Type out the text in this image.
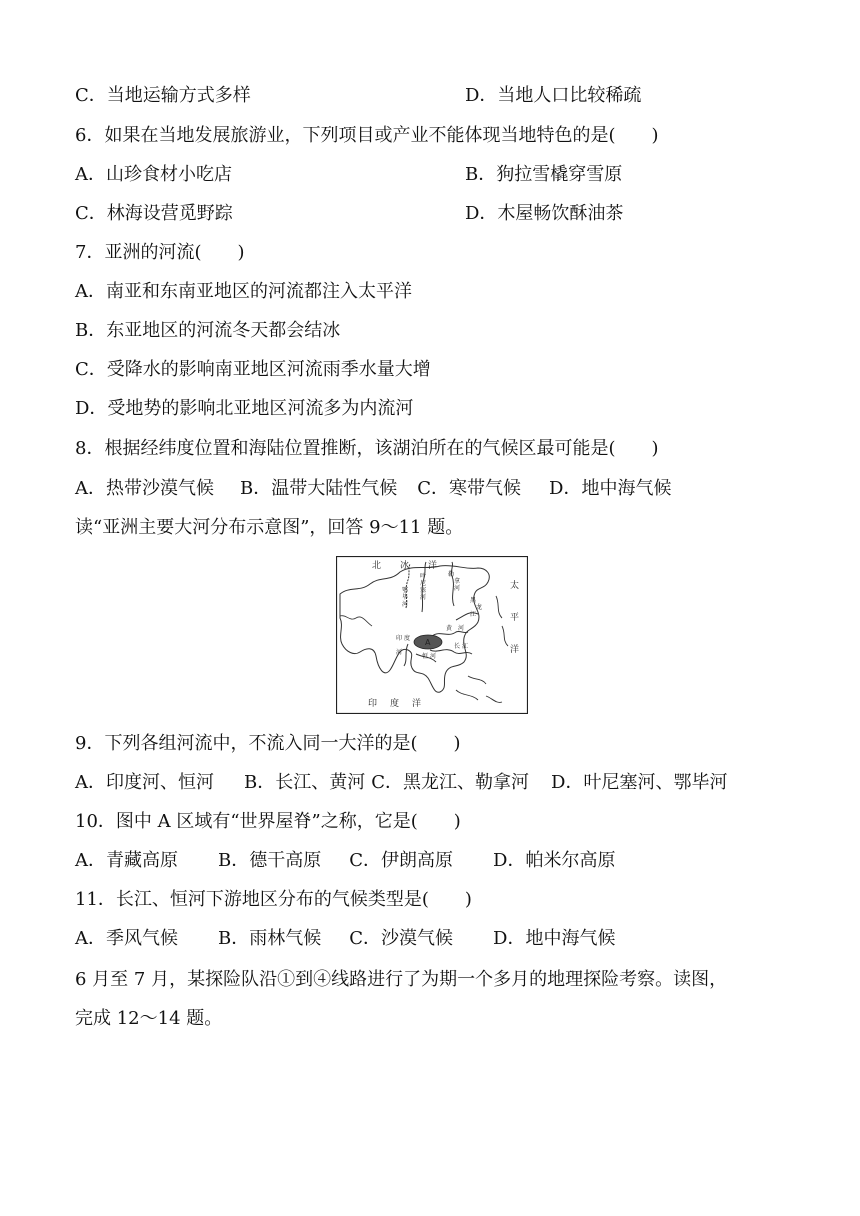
C．当地运输方式多样	D．当地人口比较稀疏
6．如果在当地发展旅游业，下列项目或产业不能体现当地特色的是(　　)
A．山珍食材小吃店	B．狗拉雪橇穿雪原
C．林海设营觅野踪	D．木屋畅饮酥油茶
7．亚洲的河流(　　)
A．南亚和东南亚地区的河流都注入太平洋
B．东亚地区的河流冬天都会结冰
C．受降水的影响南亚地区河流雨季水量大增
D．受地势的影响北亚地区河流多为内流河
8．根据经纬度位置和海陆位置推断，该湖泊所在的气候区最可能是(　　)
A．热带沙漠气候 B．温带大陆性气候 C．寒带气候 D．地中海气候
读“亚洲主要大河分布示意图”，回答 9～11 题。
A
北 冰 洋
太
平
洋
印 度 洋
叶
尼
塞
河
鄂
毕
河
勒
拿
河
黑
龙
江
黄 河
长 江
印 度
河
恒 河
9．下列各组河流中，不流入同一大洋的是(　　)
A．印度河、恒河 B．长江、黄河 C．黑龙江、勒拿河 D．叶尼塞河、鄂毕河
10．图中 A 区域有“世界屋脊”之称，它是(　　)
A．青藏高原 B．德干高原 C．伊朗高原 D．帕米尔高原
11．长江、恒河下游地区分布的气候类型是(　　)
A．季风气候 B．雨林气候 C．沙漠气候 D．地中海气候
6 月至 7 月，某探险队沿①到④线路进行了为期一个多月的地理探险考察。读图，
完成 12～14 题。
